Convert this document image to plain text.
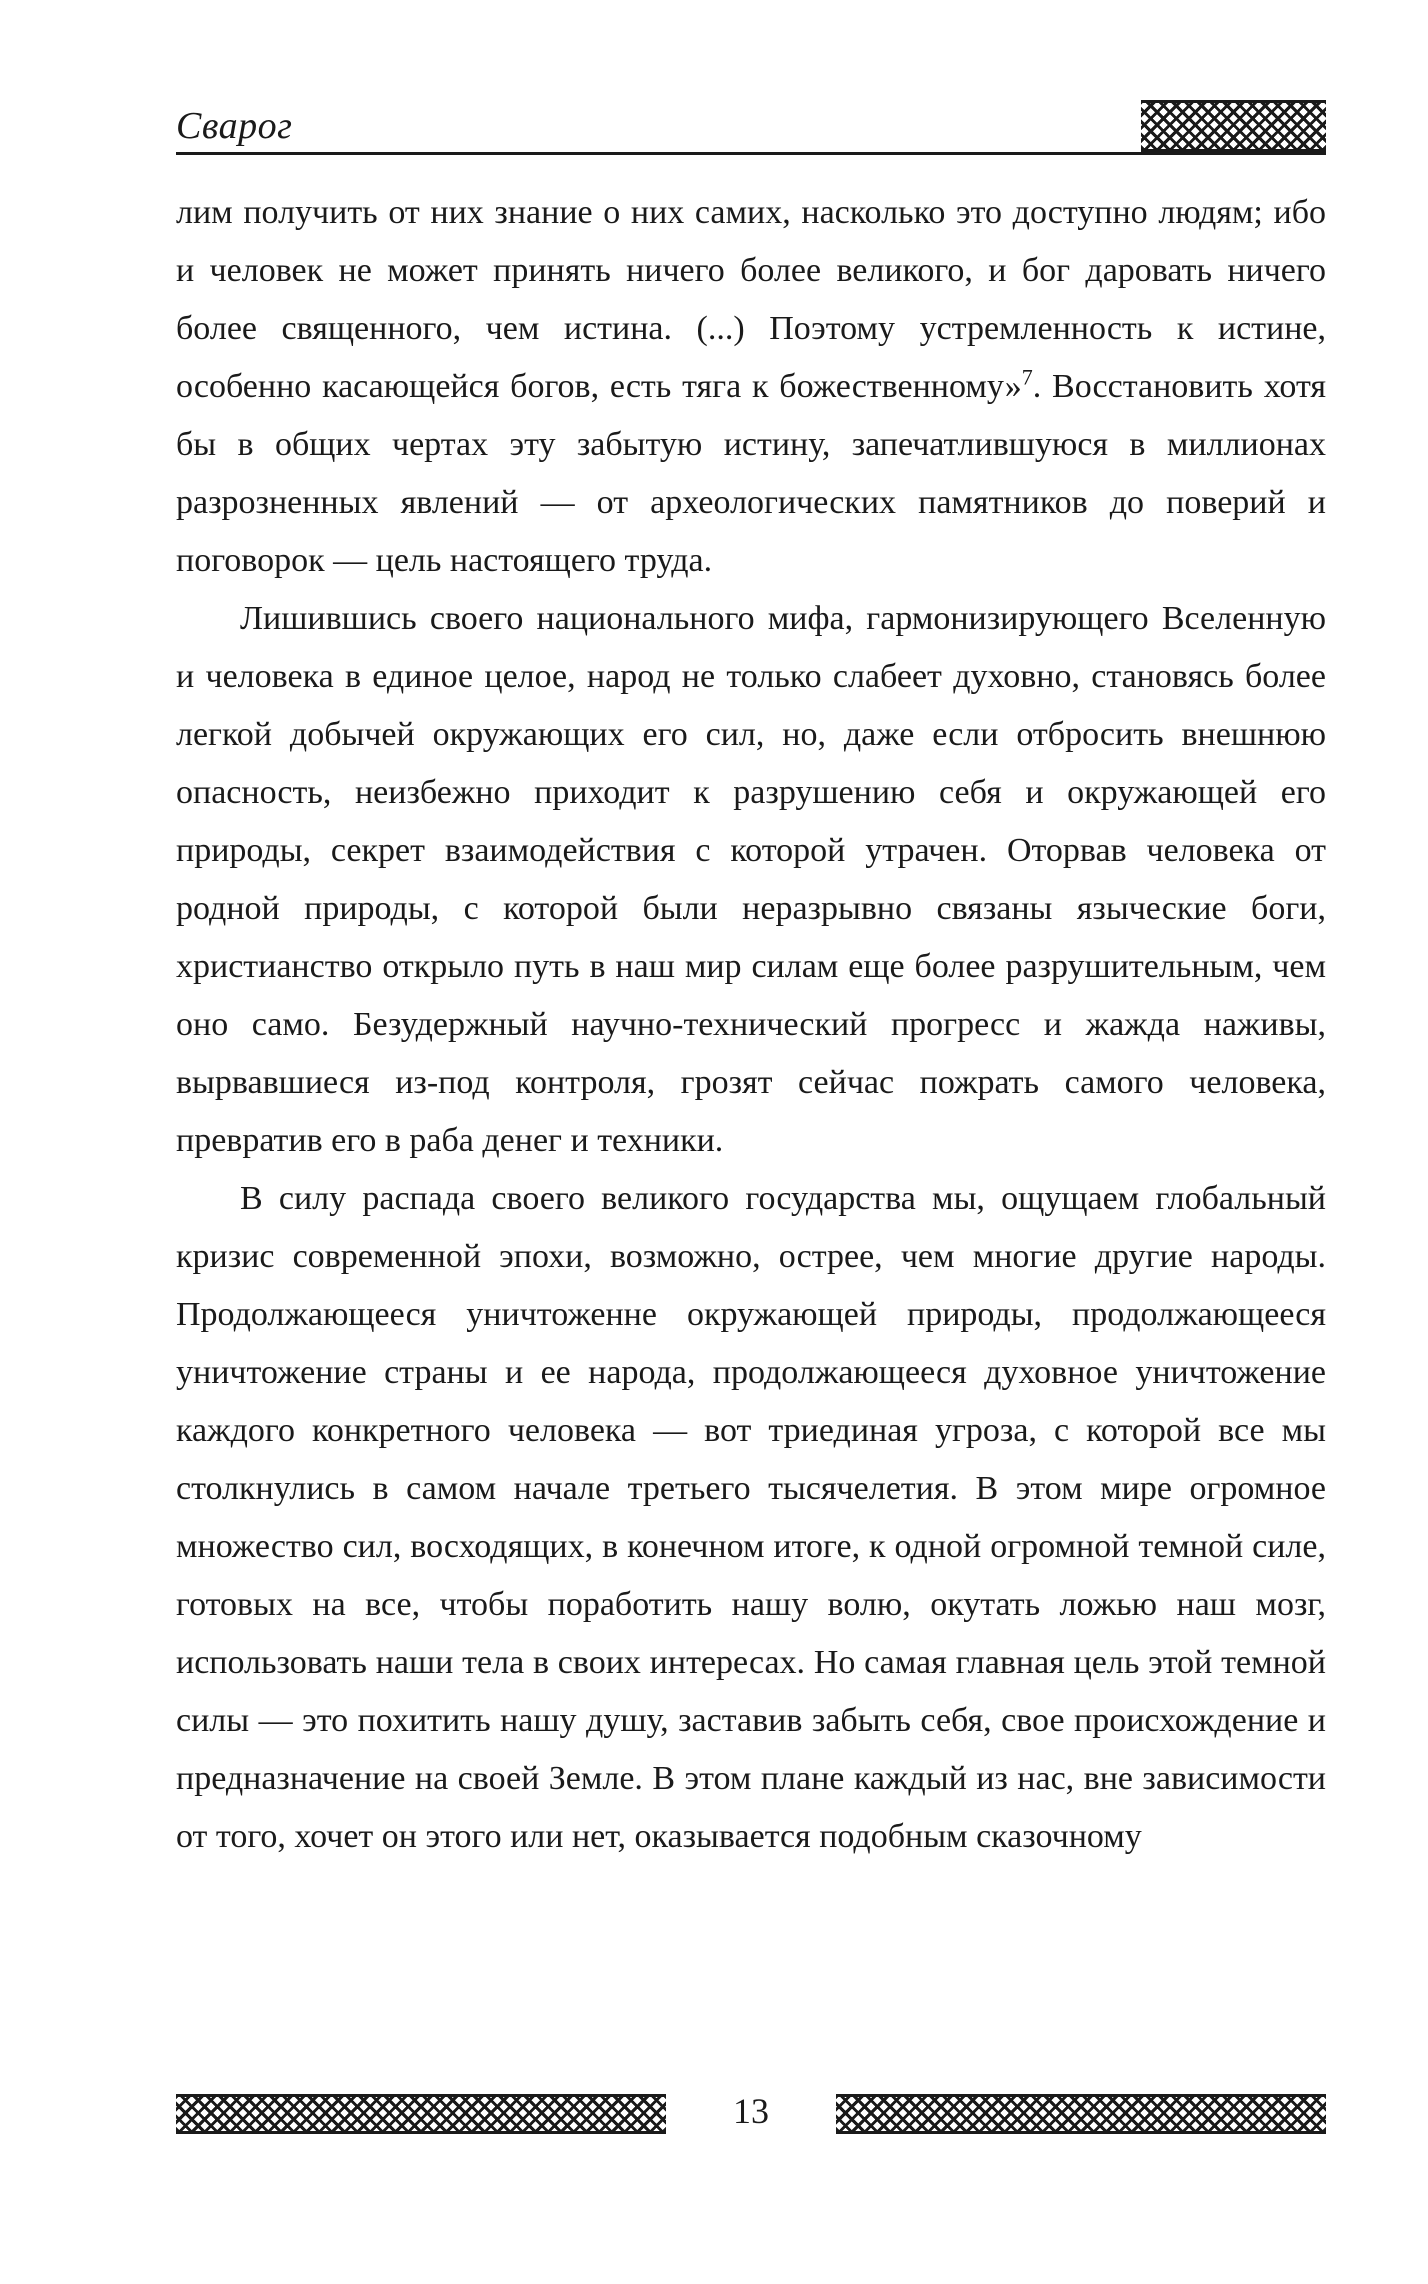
Сварог

лим получить от них знание о них самих, насколько это доступно людям; ибо и человек не может принять ничего более великого, и бог даровать ничего более священного, чем истина. (...) Поэтому устремленность к истине, особенно касающейся богов, есть тяга к божественному»$^7$. Восстановить хотя бы в общих чертах эту забытую истину, запечатлившуюся в миллионах разрозненных явлений — от археологических памятников до поверий и поговорок — цель настоящего труда.

Лишившись своего национального мифа, гармонизирующего Вселенную и человека в единое целое, народ не только слабеет духовно, становясь более легкой добычей окружающих его сил, но, даже если отбросить внешнюю опасность, неизбежно приходит к разрушению себя и окружающей его природы, секрет взаимодействия с которой утрачен. Оторвав человека от родной природы, с которой были неразрывно связаны языческие боги, христианство открыло путь в наш мир силам еще более разрушительным, чем оно само. Безудержный научно-технический прогресс и жажда наживы, вырвавшиеся из-под контроля, грозят сейчас пожрать самого человека, превратив его в раба денег и техники.

В силу распада своего великого государства мы, ощущаем глобальный кризис современной эпохи, возможно, острее, чем многие другие народы. Продолжающееся уничтоженне окружающей природы, продолжающееся уничтожение страны и ее народа, продолжающееся духовное уничтожение каждого конкретного человека — вот триединая угроза, с которой все мы столкнулись в самом начале третьего тысячелетия. В этом мире огромное множество сил, восходящих, в конечном итоге, к одной огромной темной силе, готовых на все, чтобы поработить нашу волю, окутать ложью наш мозг, использовать наши тела в своих интересах. Но самая главная цель этой темной силы — это похитить нашу душу, заставив забыть себя, свое происхождение и предназначение на своей Земле. В этом плане каждый из нас, вне зависимости от того, хочет он этого или нет, оказывается подобным сказочному

13
